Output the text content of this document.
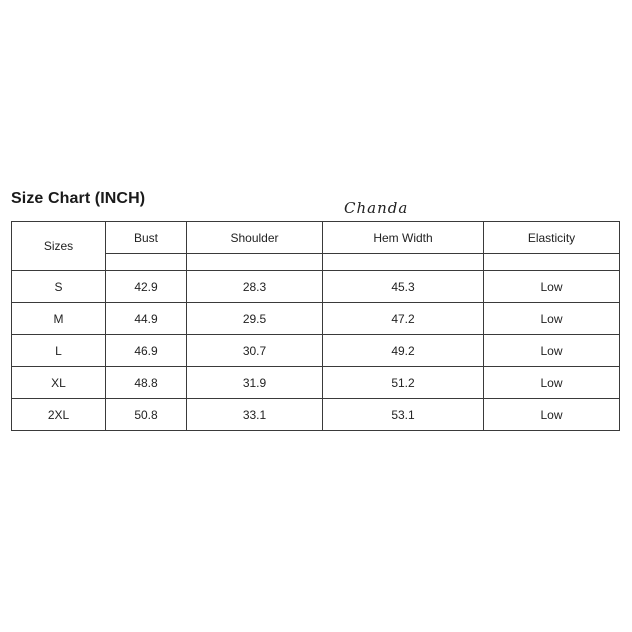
Size Chart (INCH)
Chanda
Sizes	Bust	Shoulder	Hem Width	Elasticity

S	42.9	28.3	45.3	Low
M	44.9	29.5	47.2	Low
L	46.9	30.7	49.2	Low
XL	48.8	31.9	51.2	Low
2XL	50.8	33.1	53.1	Low
